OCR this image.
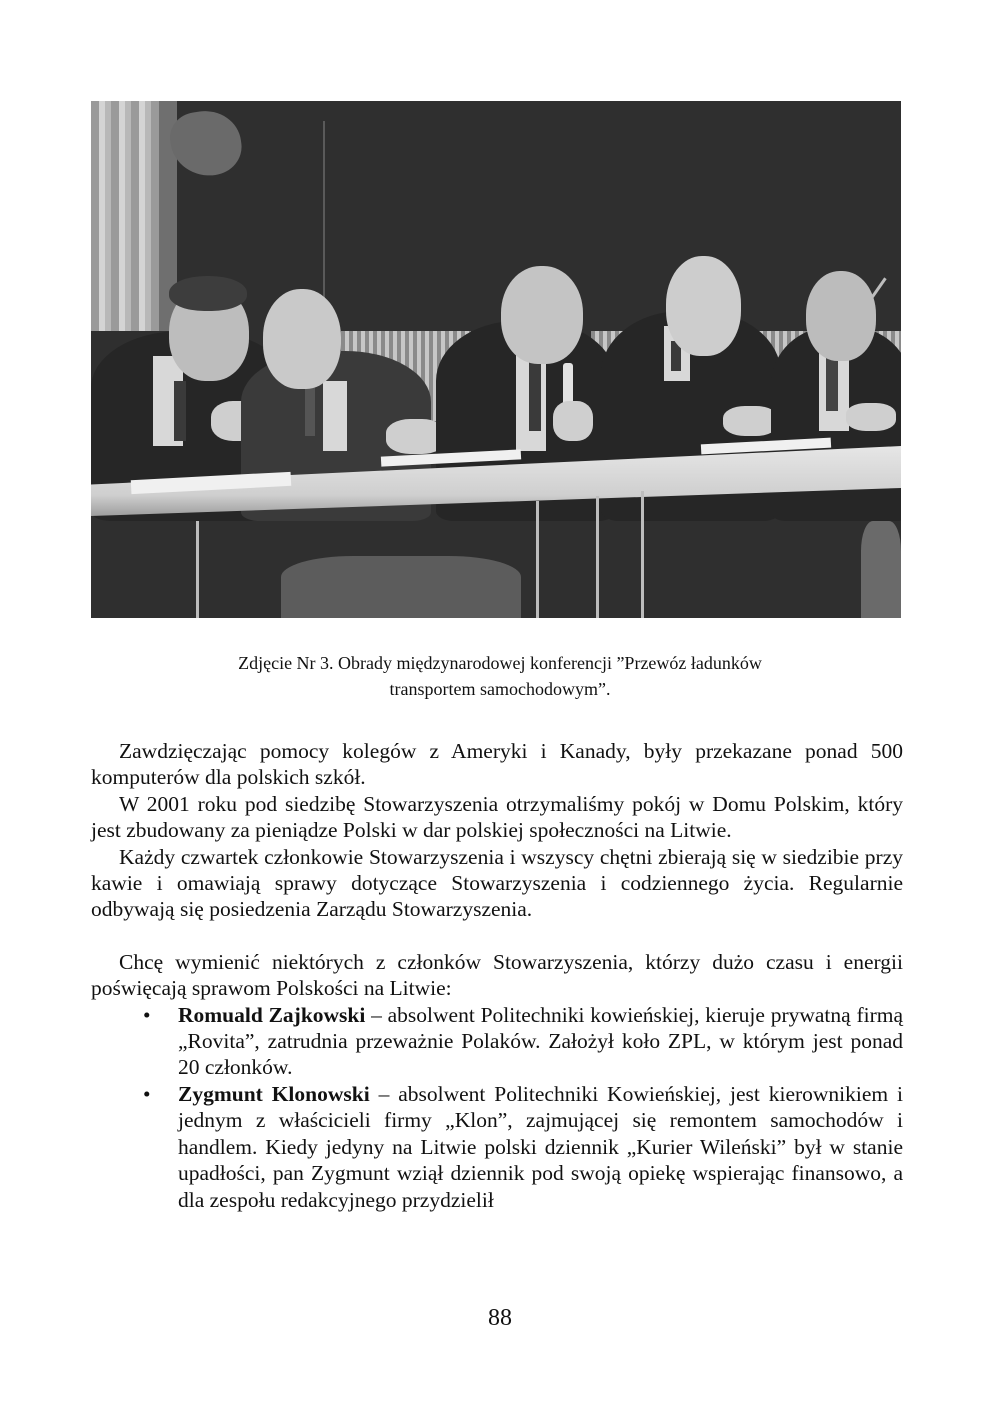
Zdjęcie Nr 3. Obrady międzynarodowej konferencji ”Przewóz ładunków
transportem samochodowym”.

Zawdzięczając pomocy kolegów z Ameryki i Kanady, były przekazane ponad 500 komputerów dla polskich szkół.

W 2001 roku pod siedzibę Stowarzyszenia otrzymaliśmy pokój w Domu Polskim, który jest zbudowany za pieniądze Polski w dar polskiej społeczności na Litwie.

Każdy czwartek członkowie Stowarzyszenia i wszyscy chętni zbierają się w siedzibie przy kawie i omawiają sprawy dotyczące Stowarzyszenia i codziennego życia. Regularnie odbywają się posiedzenia Zarządu Stowarzyszenia.

Chcę wymienić niektórych z członków Stowarzyszenia, którzy dużo czasu i energii poświęcają sprawom Polskości na Litwie:

• Romuald Zajkowski – absolwent Politechniki kowieńskiej, kieruje prywatną firmą „Rovita”, zatrudnia przeważnie Polaków. Założył koło ZPL, w którym jest ponad 20 członków.
• Zygmunt Klonowski – absolwent Politechniki Kowieńskiej, jest kierownikiem i jednym z właścicieli firmy „Klon”, zajmującej się remontem samochodów i handlem. Kiedy jedyny na Litwie polski dziennik „Kurier Wileński” był w stanie upadłości, pan Zygmunt wziął dziennik pod swoją opiekę wspierając finansowo, a dla zespołu redakcyjnego przydzielił
88
